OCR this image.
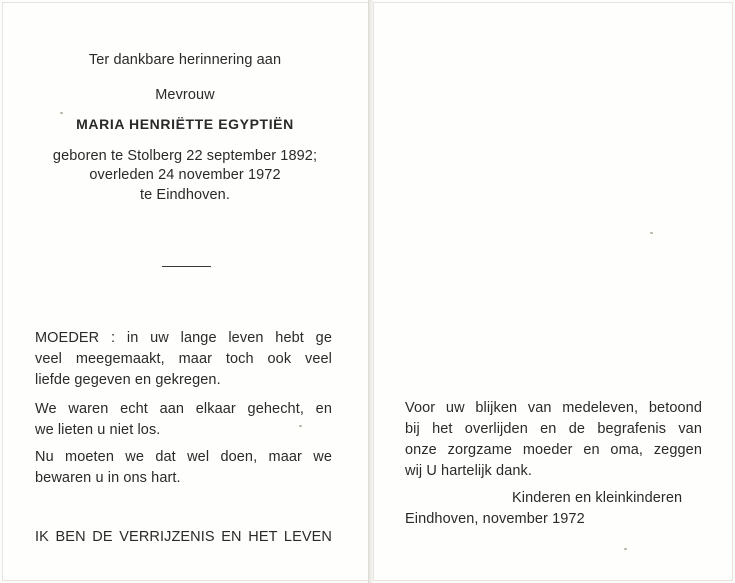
Ter dankbare herinnering aan
Mevrouw
MARIA HENRIËTTE EGYPTIËN
geboren te Stolberg 22 september 1892;
overleden 24 november 1972
te Eindhoven.
MOEDER : in uw lange leven hebt ge
veel meegemaakt, maar toch ook veel
liefde gegeven en gekregen.
We waren echt aan elkaar gehecht, en
we lieten u niet los.
Nu moeten we dat wel doen, maar we
bewaren u in ons hart.
IK BEN DE VERRIJZENIS EN HET LEVEN
Voor uw blijken van medeleven, betoond
bij het overlijden en de begrafenis van
onze zorgzame moeder en oma, zeggen
wij U hartelijk dank.
Kinderen en kleinkinderen
Eindhoven, november 1972
